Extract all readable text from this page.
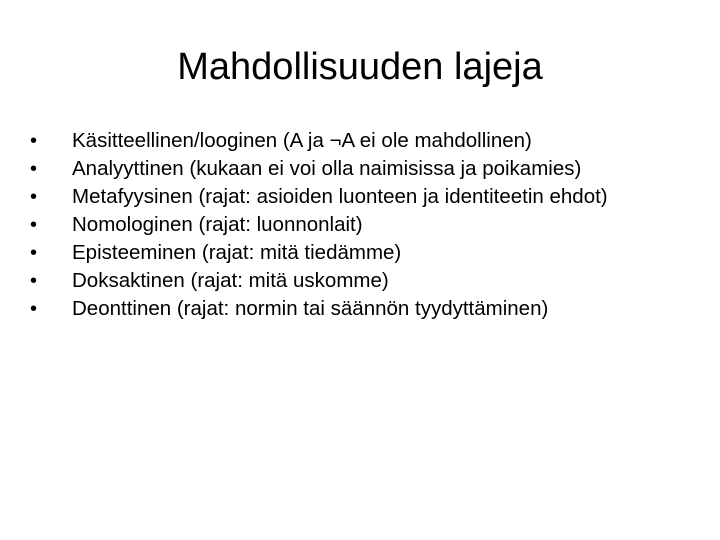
Mahdollisuuden lajeja
•	Käsitteellinen/looginen (A ja ¬A ei ole mahdollinen)
•	Analyyttinen (kukaan ei voi olla naimisissa ja poikamies)
•	Metafyysinen (rajat: asioiden luonteen ja identiteetin ehdot)
•	Nomologinen (rajat: luonnonlait)
•	Episteeminen (rajat: mitä tiedämme)
•	Doksaktinen (rajat: mitä uskomme)
•	Deonttinen (rajat: normin tai säännön tyydyttäminen)
